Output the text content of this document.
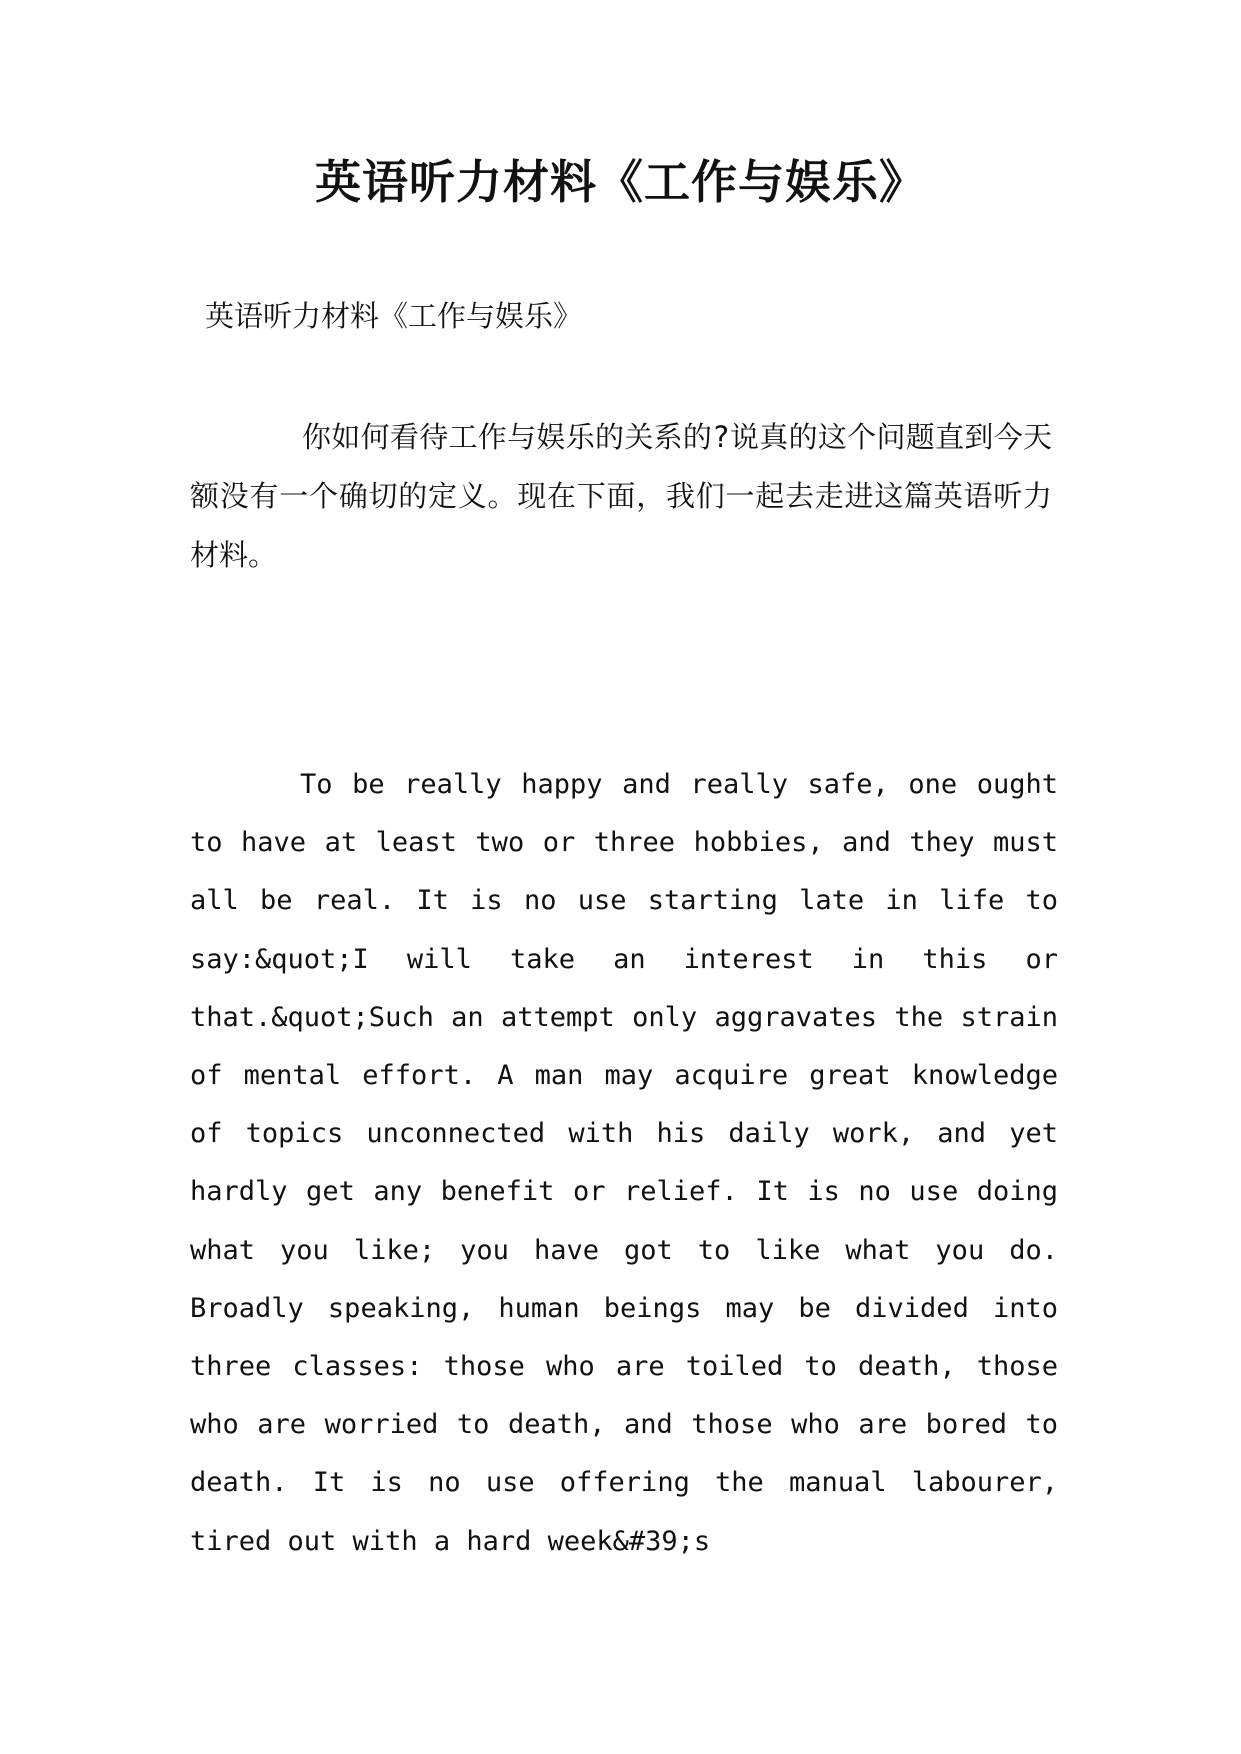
英语听力材料《工作与娱乐》

英语听力材料《工作与娱乐》

你如何看待工作与娱乐的关系的?说真的这个问题直到今天额没有一个确切的定义。现在下面，我们一起去走进这篇英语听力材料。

To be really happy and really safe, one ought to have at least two or three hobbies, and they must all be real. It is no use starting late in life to say:&quot;I will take an interest in this or that.&quot;Such an attempt only aggravates the strain of mental effort. A man may acquire great knowledge of topics unconnected with his daily work, and yet hardly get any benefit or relief. It is no use doing what you like; you have got to like what you do. Broadly speaking, human beings may be divided into three classes: those who are toiled to death, those who are worried to death, and those who are bored to death. It is no use offering the manual labourer, tired out with a hard week&#39;s
